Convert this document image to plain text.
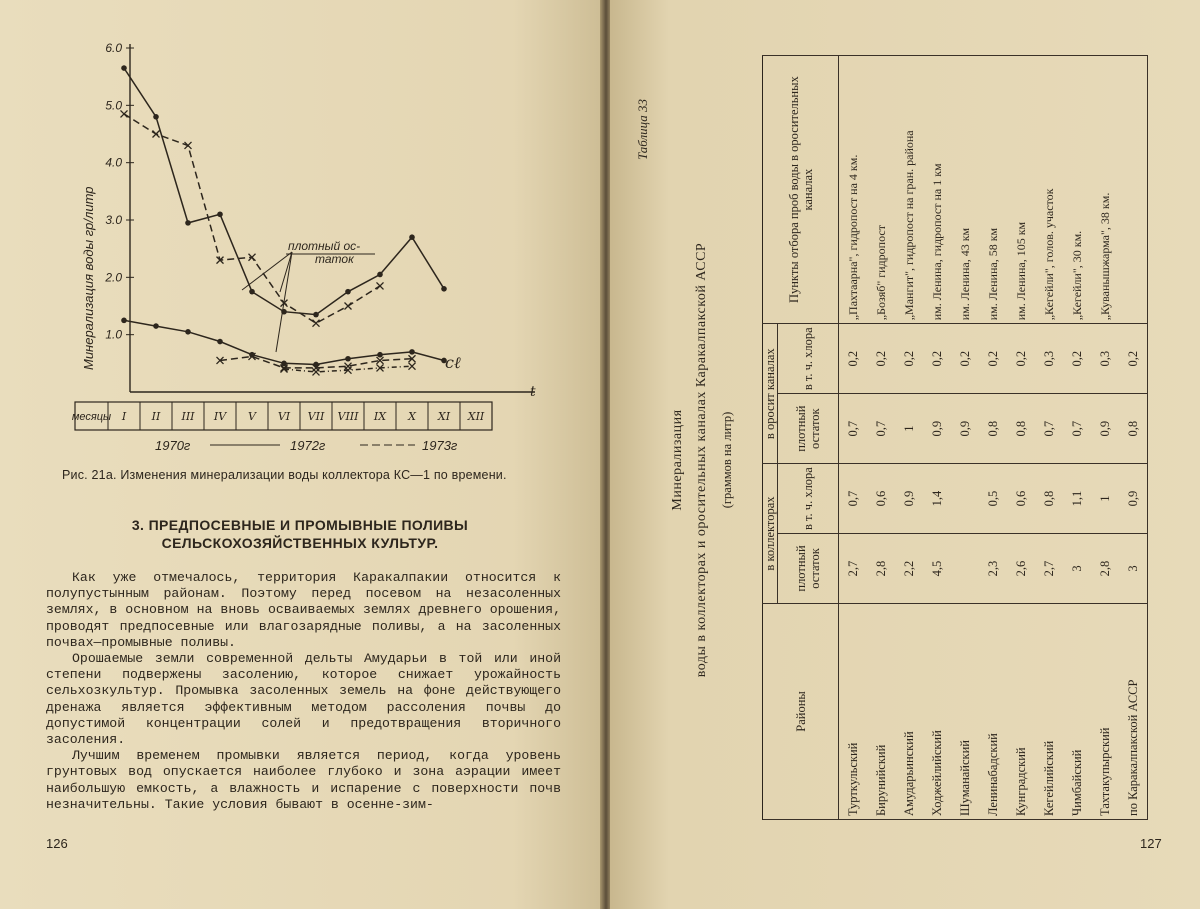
6.0
5.0
4.0
3.0
2.0
1.0
месяцы I II III IV V VI VII VIII IX X XI XII
плотный ос-
таток
cℓ
t
Минерализация воды гр/литр
1970г	1972г	1973г
Рис. 21а. Изменения минерализации воды коллектора КС—1 по времени.
3. ПРЕДПОСЕВНЫЕ И ПРОМЫВНЫЕ ПОЛИВЫ
СЕЛЬСКОХОЗЯЙСТВЕННЫХ КУЛЬТУР.

Как уже отмечалось, территория Каракалпакии относится к полупустынным районам. Поэтому перед посевом на незасоленных землях, в основном на вновь осваиваемых землях древнего орошения, проводят предпосевные или влагозарядные поливы, а на засоленных почвах—промывные поливы.

Орошаемые земли современной дельты Амударьи в той или иной степени подвержены засолению, которое снижает урожайность сельхозкультур. Промывка засоленных земель на фоне действующего дренажа является эффективным методом рассоления почвы до допустимой концентрации солей и предотвращения вторичного засоления.

Лучшим временем промывки является период, когда уровень грунтовых вод опускается наиболее глубоко и зона аэрации имеет наибольшую емкость, а влажность и испарение с поверхности почв незначительны. Такие условия бывают в осенне-зим-

126
Таблица 33
Минерализация воды в коллекторах и оросительных каналах Каракалпакской АССР (граммов на литр)
Районы	в коллекторах		в оросит каналах		Пункты отбора проб воды в оросительных каналах
	плотный остаток	в т. ч. хлора	плотный остаток	в т. ч. хлора	
Турткульский	2,7	0,7	0,7	0,2	„Пахтаарна", гидропост на 4 км.
Бирунийский	2,8	0,6	0,7	0,2	„Бозяб" гидропост
Амударьинский	2,2	0,9	1	0,2	„Мангит", гидропост на гран. района
Ходжейлийский	4,5	1,4	0,9	0,2	им. Ленина, гидропост на 1 км
Шуманайский			0,9	0,2	им. Ленина, 43 км
Ленинабадский	2,3	0,5	0,8	0,2	им. Ленина, 58 км
Кунградский	2,6	0,6	0,8	0,2	им. Ленина, 105 км
Кегейлийский	2,7	0,8	0,7	0,3	„Кегейли", голов. участок
Чимбайский	3	1,1	0,7	0,2	„Кегейли", 30 км.
Тахтакупырский	2,8	1	0,9	0,3	„Куванышжарма", 38 км.
по Каракалпакской АССР	3	0,9	0,8	0,2	
127
